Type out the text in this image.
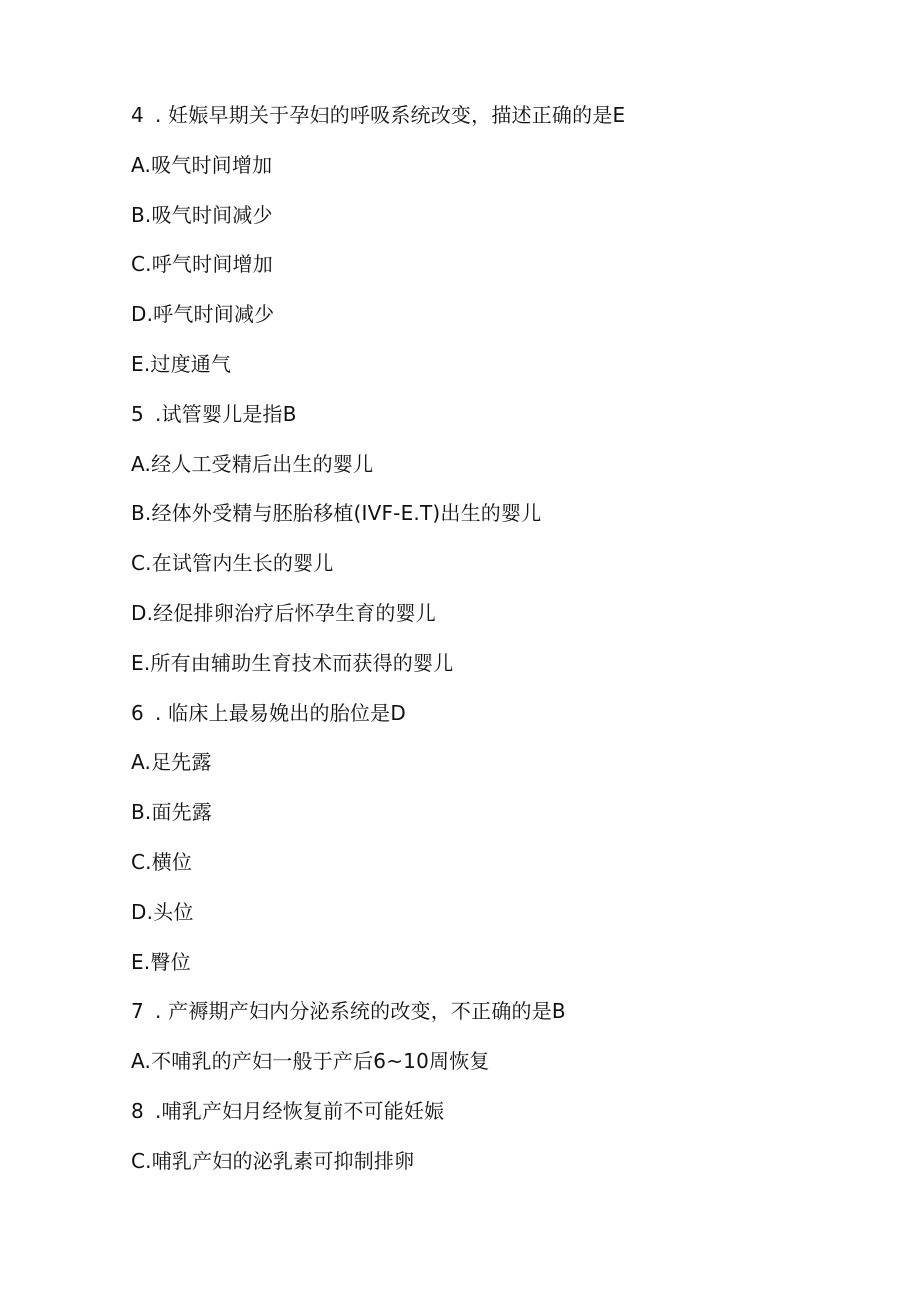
4 . 妊娠早期关于孕妇的呼吸系统改变，描述正确的是E
A.吸气时间增加
B.吸气时间减少
C.呼气时间增加
D.呼气时间减少
E.过度通气
5 .试管婴儿是指B
A.经人工受精后出生的婴儿
B.经体外受精与胚胎移植(IVF-E.T)出生的婴儿
C.在试管内生长的婴儿
D.经促排卵治疗后怀孕生育的婴儿
E.所有由辅助生育技术而获得的婴儿
6 . 临床上最易娩出的胎位是D
A.足先露
B.面先露
C.横位
D.头位
E.臀位
7 . 产褥期产妇内分泌系统的改变，不正确的是B
A.不哺乳的产妇一般于产后6~10周恢复
8 .哺乳产妇月经恢复前不可能妊娠
C.哺乳产妇的泌乳素可抑制排卵
